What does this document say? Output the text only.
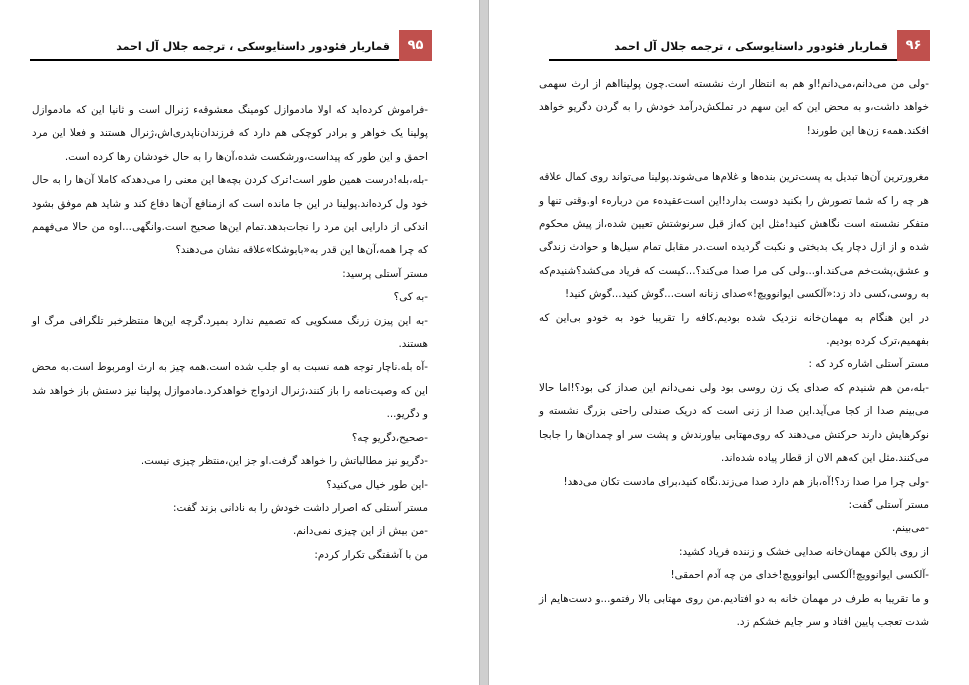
۹۵
قماربار فئودور داستایوسکی ، ترجمه جلال آل احمد

-فراموش کرده‌اید که اولا مادموازل کومینگ معشوقه‌ء ژنرال است و ثانیا این که مادموازل پولینا یک خواهر و برادر کوچکی هم دارد که فرزندان‌ناپدری‌اش،ژنرال هستند و فعلا این مرد احمق و این طور که پیداست،ورشکست شده،آن‌ها را به حال خودشان رها کرده است.

-بله،بله!درست همین طور است!ترک کردن بچه‌ها این معنی را می‌دهدکه کاملا آن‌ها را به حال خود ول کرده‌اند.پولینا در این جا مانده است که ازمنافع آن‌ها دفاع کند و شاید هم موفق بشود اندکی از دارایی این مرد را نجات‌بدهد.تمام این‌ها صحیح است.وانگهی...اوه من حالا می‌فهمم که چرا همه،آن‌ها این قدر به«بابوشکا»علاقه نشان می‌دهند؟

مستر آستلی پرسید:

-به کی؟

-به این پیزن زرنگ مسکویی که تصمیم ندارد بمیرد.گرچه این‌ها منتظرخبر تلگرافی مرگ او هستند.

-آه بله.ناچار توجه همه نسبت به او جلب شده است.همه چیز به ارث اومربوط است.به محض این که وصیت‌نامه را باز کنند،ژنرال ازدواج خواهدکرد.مادموازل پولینا نیز دستش باز خواهد شد و دگریو...

-صحیح،دگریو چه؟

-دگریو نیز مطالباتش را خواهد گرفت.او جز این،منتظر چیزی نیست.

-این طور خیال می‌کنید؟

مستر آستلی که اصرار داشت خودش را به نادانی بزند گفت:

-من بیش از این چیزی نمی‌دانم.

من با آشفتگی تکرار کردم:

۹۶
قماربار فئودور داستایوسکی ، ترجمه جلال آل احمد

-ولی من می‌دانم،می‌دانم!او هم به انتظار ارث نشسته است.چون پولینااهم از ارث سهمی خواهد داشت،و به محض این که این سهم در تملکش‌درآمد خودش را به گردن دگریو خواهد افکند.همه‌ء زن‌ها این طورند!

مغرورترین آن‌ها تبدیل به پست‌ترین بنده‌ها و غلام‌ها می‌شوند.پولینا می‌تواند روی کمال علاقه هر چه را که شما تصورش را بکنید دوست بدارد!این است‌عقیده‌ء من درباره‌ء او.وقتی تنها و متفکر نشسته است نگاهش کنید!مثل این که‌از قبل سرنوشتش تعیین شده،از پیش محکوم شده و از ازل دچار یک بدبختی و نکبت گردیده است.در مقابل تمام سیل‌ها و حوادث زندگی و عشق،پشت‌خم می‌کند.او...ولی کی مرا صدا می‌کند؟...کیست که فریاد می‌کشد؟شنیدم‌که به روسی،کسی داد زد:«آلکسی ایوانوویچ!»صدای زنانه است...گوش کنید...گوش کنید!

در این هنگام به مهمان‌خانه نزدیک شده بودیم.کافه را تقریبا خود به خودو بی‌این که بفهمیم،ترک کرده بودیم.

مستر آستلی اشاره کرد که :

-بله،من هم شنیدم که صدای یک زن روسی بود ولی نمی‌دانم این صداز کی بود؟!اما حالا می‌بینم صدا از کجا می‌آید.این صدا از زنی است که دریک صندلی راحتی بزرگ نشسته و نوکرهایش دارند حرکتش می‌دهند که روی‌مهتابی بیاورندش و پشت سر او چمدان‌ها را جابجا می‌کنند.مثل این که‌هم الان از قطار پیاده شده‌اند.

-ولی چرا مرا صدا زد؟!آه،باز هم دارد صدا می‌زند.نگاه کنید،برای مادست تکان می‌دهد!

مستر آستلی گفت:

-می‌بینم.

از روی بالکن مهمان‌خانه صدایی خشک و زننده فریاد کشید:

-آلکسی ایوانوویچ!آلکسی ایوانوویچ!خدای من چه آدم احمقی!

و ما تقریبا به طرف در مهمان خانه به دو افتادیم.من روی مهتابی بالا رفتمو...و دست‌هایم از شدت تعجب پایین افتاد و سر جایم خشکم زد.
